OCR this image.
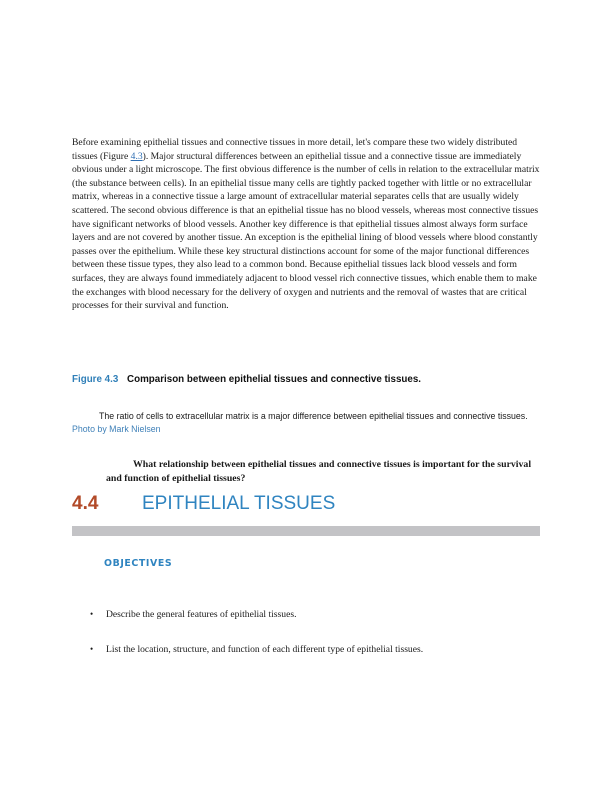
Before examining epithelial tissues and connective tissues in more detail, let's compare these two widely distributed tissues (Figure 4.3). Major structural differences between an epithelial tissue and a connective tissue are immediately obvious under a light microscope. The first obvious difference is the number of cells in relation to the extracellular matrix (the substance between cells). In an epithelial tissue many cells are tightly packed together with little or no extracellular matrix, whereas in a connective tissue a large amount of extracellular material separates cells that are usually widely scattered. The second obvious difference is that an epithelial tissue has no blood vessels, whereas most connective tissues have significant networks of blood vessels. Another key difference is that epithelial tissues almost always form surface layers and are not covered by another tissue. An exception is the epithelial lining of blood vessels where blood constantly passes over the epithelium. While these key structural distinctions account for some of the major functional differences between these tissue types, they also lead to a common bond. Because epithelial tissues lack blood vessels and form surfaces, they are always found immediately adjacent to blood vessel rich connective tissues, which enable them to make the exchanges with blood necessary for the delivery of oxygen and nutrients and the removal of wastes that are critical processes for their survival and function.

Figure 4.3 Comparison between epithelial tissues and connective tissues.

The ratio of cells to extracellular matrix is a major difference between epithelial tissues and connective tissues. Photo by Mark Nielsen

What relationship between epithelial tissues and connective tissues is important for the survival and function of epithelial tissues?

4.4 EPITHELIAL TISSUES
OBJECTIVES
• Describe the general features of epithelial tissues.
• List the location, structure, and function of each different type of epithelial tissues.
